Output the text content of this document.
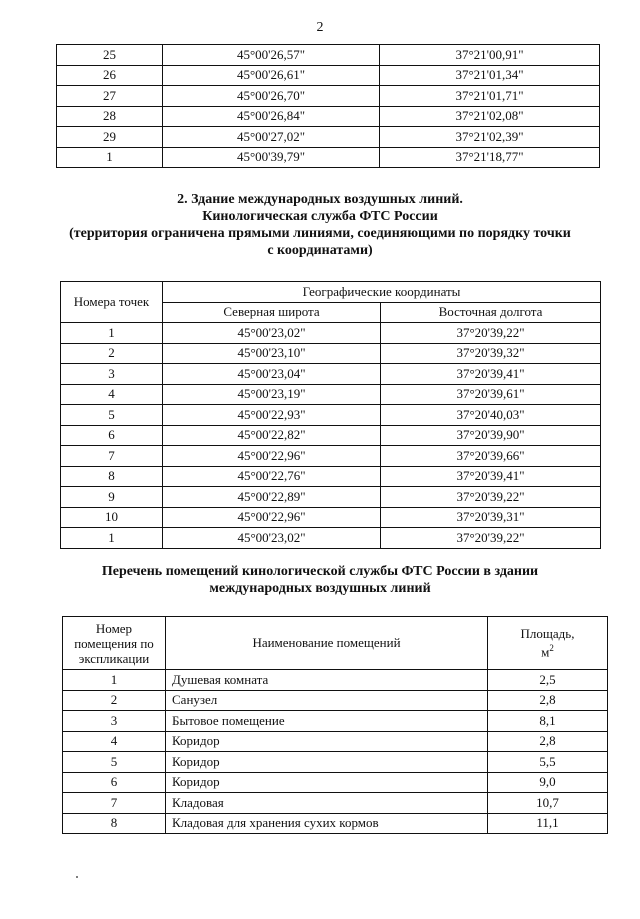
2
25	45°00'26,57"	37°21'00,91"
26	45°00'26,61"	37°21'01,34"
27	45°00'26,70"	37°21'01,71"
28	45°00'26,84"	37°21'02,08"
29	45°00'27,02"	37°21'02,39"
1	45°00'39,79"	37°21'18,77"
2. Здание международных воздушных линий.
Кинологическая служба ФТС России
(территория ограничена прямыми линиями, соединяющими по порядку точки
с координатами)
Номера точек	Географические координаты	
	Северная широта	Восточная долгота
1	45°00'23,02"	37°20'39,22"
2	45°00'23,10"	37°20'39,32"
3	45°00'23,04"	37°20'39,41"
4	45°00'23,19"	37°20'39,61"
5	45°00'22,93"	37°20'40,03"
6	45°00'22,82"	37°20'39,90"
7	45°00'22,96"	37°20'39,66"
8	45°00'22,76"	37°20'39,41"
9	45°00'22,89"	37°20'39,22"
10	45°00'22,96"	37°20'39,31"
1	45°00'23,02"	37°20'39,22"
Перечень помещений кинологической службы ФТС России в здании
международных воздушных линий
Номер
помещения по
экспликации	Наименование помещений	Площадь,
$м^2$

1	Душевая комната	2,5
2	Санузел	2,8
3	Бытовое помещение	8,1
4	Коридор	2,8
5	Коридор	5,5
6	Коридор	9,0
7	Кладовая	10,7
8	Кладовая для хранения сухих кормов	11,1
